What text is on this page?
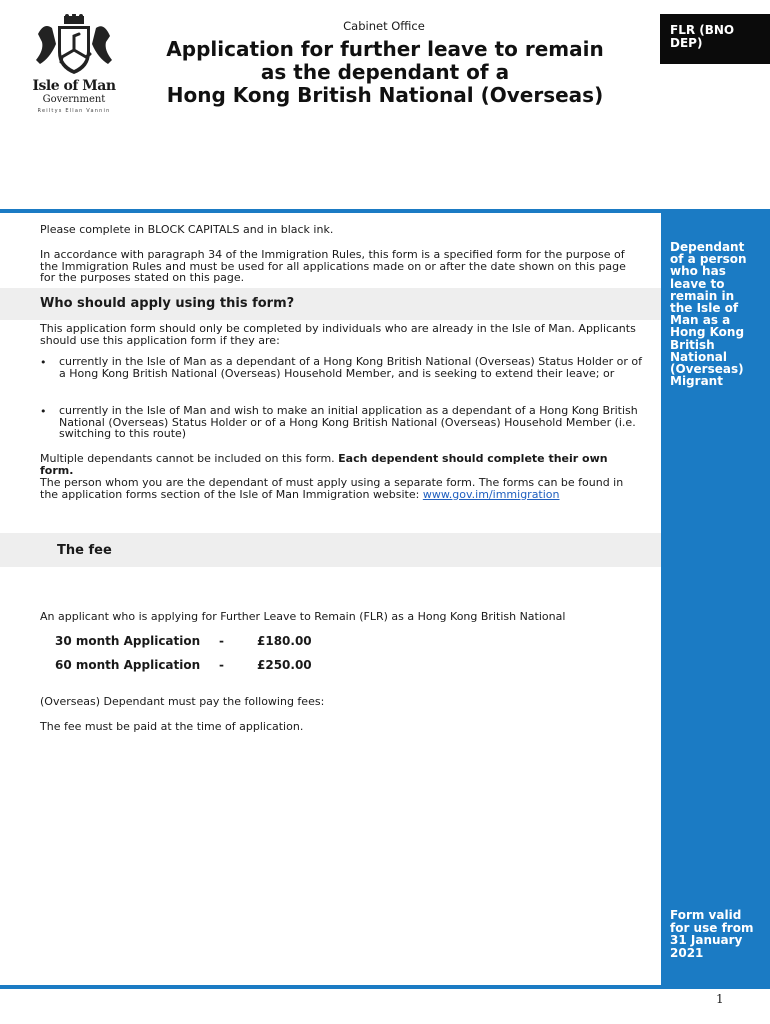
Isle of Man
Government
Reiltys Ellan Vannin
Cabinet Office
Application for further leave to remain
as the dependant of a
Hong Kong British National (Overseas)
FLR (BNO DEP)
Dependant of a person who has leave to remain in the Isle of Man as a Hong Kong British National (Overseas) Migrant
Form valid for use from 31 January 2021
Please complete in BLOCK CAPITALS and in black ink.
In accordance with paragraph 34 of the Immigration Rules, this form is a specified form for the purpose of the Immigration Rules and must be used for all applications made on or after the date shown on this page for the purposes stated on this page.
Who should apply using this form?
This application form should only be completed by individuals who are already in the Isle of Man. Applicants should use this application form if they are:
• currently in the Isle of Man as a dependant of a Hong Kong British National (Overseas) Status Holder or of a Hong Kong British National (Overseas) Household Member, and is seeking to extend their leave; or
• currently in the Isle of Man and wish to make an initial application as a dependant of a Hong Kong British National (Overseas) Status Holder or of a Hong Kong British National (Overseas) Household Member (i.e. switching to this route)
Multiple dependants cannot be included on this form. Each dependent should complete their own form.
The person whom you are the dependant of must apply using a separate form. The forms can be found in the application forms section of the Isle of Man Immigration website: www.gov.im/immigration
The fee
An applicant who is applying for Further Leave to Remain (FLR) as a Hong Kong British National
30 month Application -	£180.00
60 month Application -	£250.00
(Overseas) Dependant must pay the following fees:
The fee must be paid at the time of application.
1
